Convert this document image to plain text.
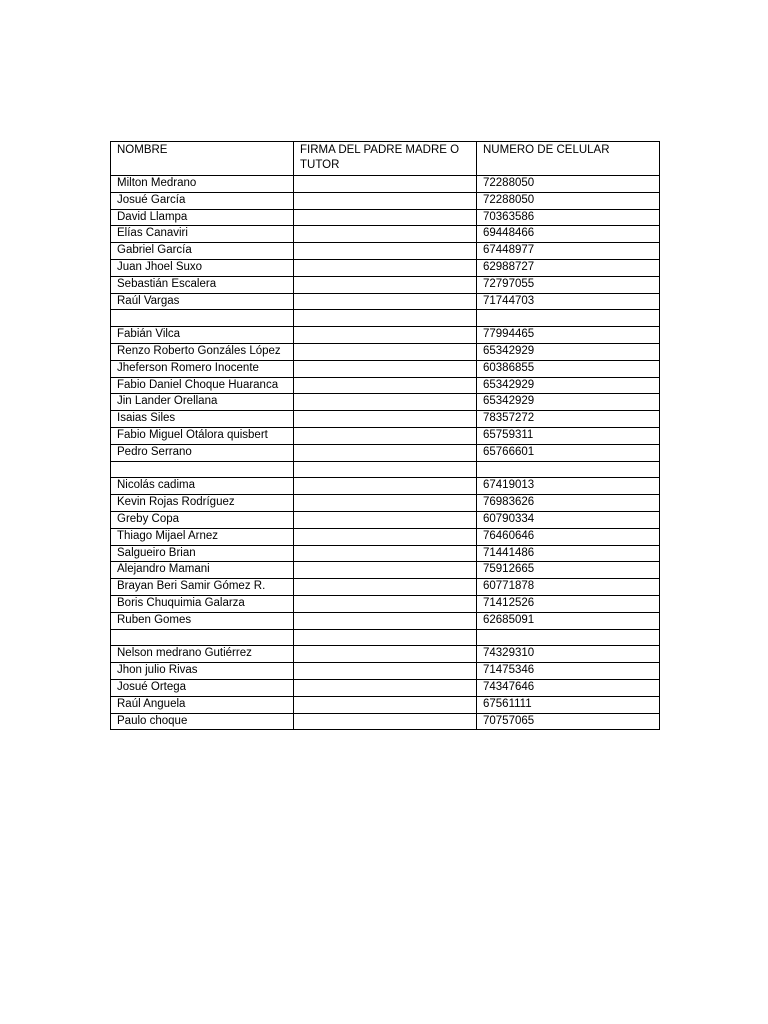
NOMBRE	FIRMA DEL PADRE MADRE O TUTOR	NUMERO DE CELULAR
Milton Medrano		72288050
Josué García		72288050
David Llampa		70363586
Elías Canaviri		69448466
Gabriel García		67448977
Juan Jhoel Suxo		62988727
Sebastián Escalera		72797055
Raúl Vargas		71744703

Fabián Vilca		77994465
Renzo Roberto Gonzáles López		65342929
Jheferson Romero Inocente		60386855
Fabio Daniel Choque Huaranca		65342929
Jin Lander Orellana		65342929
Isaias Siles		78357272
Fabio Miguel Otálora quisbert		65759311
Pedro Serrano		65766601

Nicolás cadima		67419013
Kevin Rojas Rodríguez		76983626
Greby Copa		60790334
Thiago Mijael Arnez		76460646
Salgueiro Brian		71441486
Alejandro Mamani		75912665
Brayan Beri Samir Gómez R.		60771878
Boris Chuquimia Galarza		71412526
Ruben Gomes		62685091

Nelson medrano Gutiérrez		74329310
Jhon julio Rivas		71475346
Josué Ortega		74347646
Raúl Anguela		67561111
Paulo choque		70757065
